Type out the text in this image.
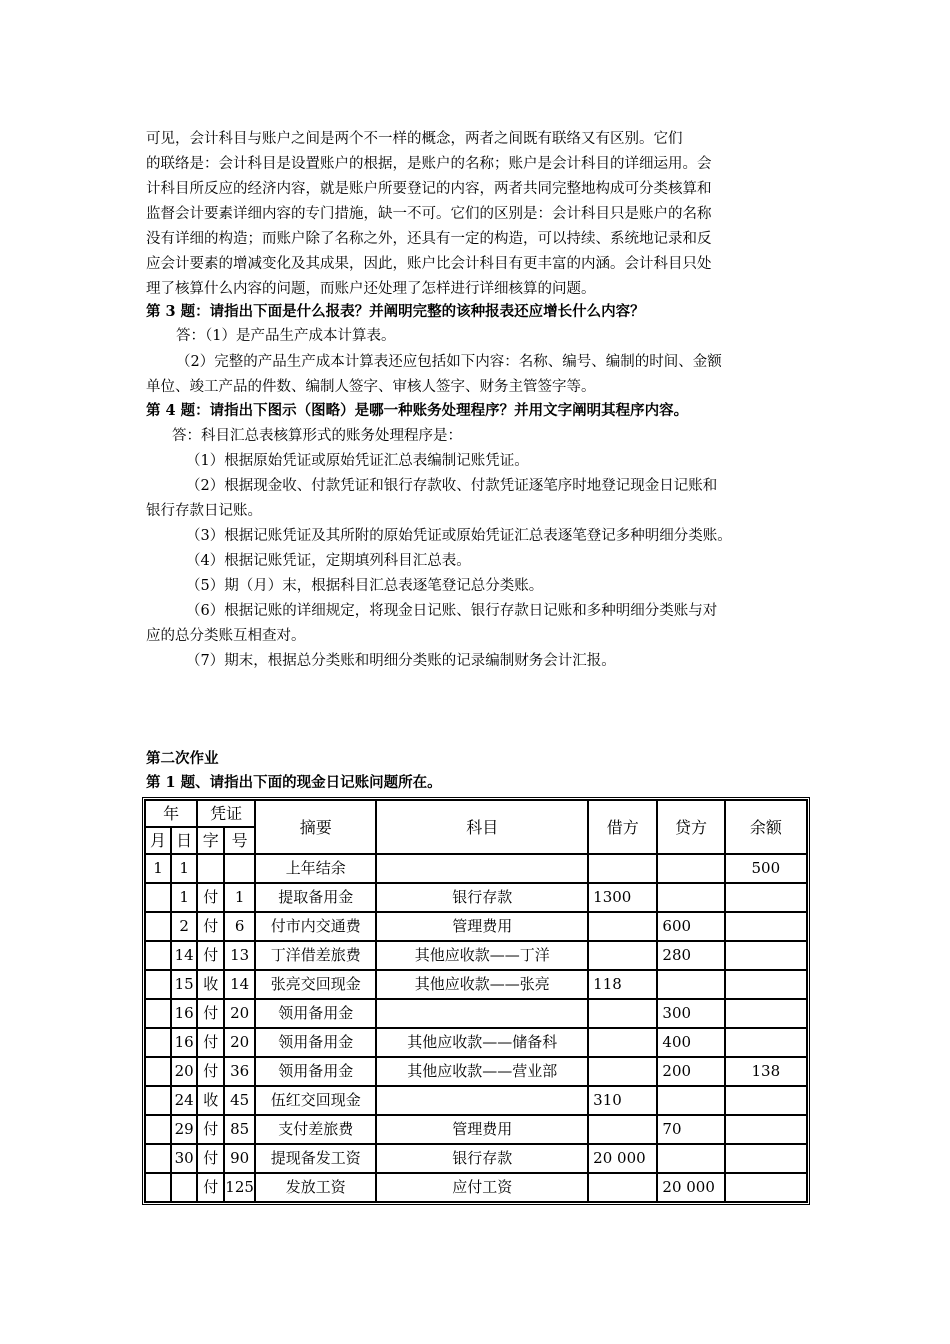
可见，会计科目与账户之间是两个不一样的概念，两者之间既有联络又有区别。它们
的联络是：会计科目是设置账户的根据，是账户的名称；账户是会计科目的详细运用。会
计科目所反应的经济内容，就是账户所要登记的内容，两者共同完整地构成可分类核算和
监督会计要素详细内容的专门措施，缺一不可。它们的区别是：会计科目只是账户的名称
没有详细的构造；而账户除了名称之外，还具有一定的构造，可以持续、系统地记录和反
应会计要素的增减变化及其成果，因此，账户比会计科目有更丰富的内涵。会计科目只处
理了核算什么内容的问题，而账户还处理了怎样进行详细核算的问题。
第 3 题：请指出下面是什么报表？并阐明完整的该种报表还应增长什么内容？
答：（1）是产品生产成本计算表。
（2）完整的产品生产成本计算表还应包括如下内容：名称、编号、编制的时间、金额
单位、竣工产品的件数、编制人签字、审核人签字、财务主管签字等。
第 4 题：请指出下图示（图略）是哪一种账务处理程序？并用文字阐明其程序内容。
答：科目汇总表核算形式的账务处理程序是：
（1）根据原始凭证或原始凭证汇总表编制记账凭证。
（2）根据现金收、付款凭证和银行存款收、付款凭证逐笔序时地登记现金日记账和
银行存款日记账。
（3）根据记账凭证及其所附的原始凭证或原始凭证汇总表逐笔登记多种明细分类账。
（4）根据记账凭证，定期填列科目汇总表。
（5）期（月）末，根据科目汇总表逐笔登记总分类账。
（6）根据记账的详细规定，将现金日记账、银行存款日记账和多种明细分类账与对
应的总分类账互相查对。
（7）期末，根据总分类账和明细分类账的记录编制财务会计汇报。
第二次作业
第 1 题、请指出下面的现金日记账问题所在。
年		凭证		摘要	科目	借方	贷方	余额
月	日	字	号					
1	1			上年结余				500
	1	付	1	提取备用金	银行存款	1300		
	2	付	6	付市内交通费	管理费用		600	
	14	付	13	丁洋借差旅费	其他应收款——丁洋		280	
	15	收	14	张亮交回现金	其他应收款——张亮	118		
	16	付	20	领用备用金			300	
	16	付	20	领用备用金	其他应收款——储备科		400	
	20	付	36	领用备用金	其他应收款——营业部		200	138
	24	收	45	伍红交回现金		310		
	29	付	85	支付差旅费	管理费用		70	
	30	付	90	提现备发工资	银行存款	20 000		
		付	125	发放工资	应付工资		20 000	
